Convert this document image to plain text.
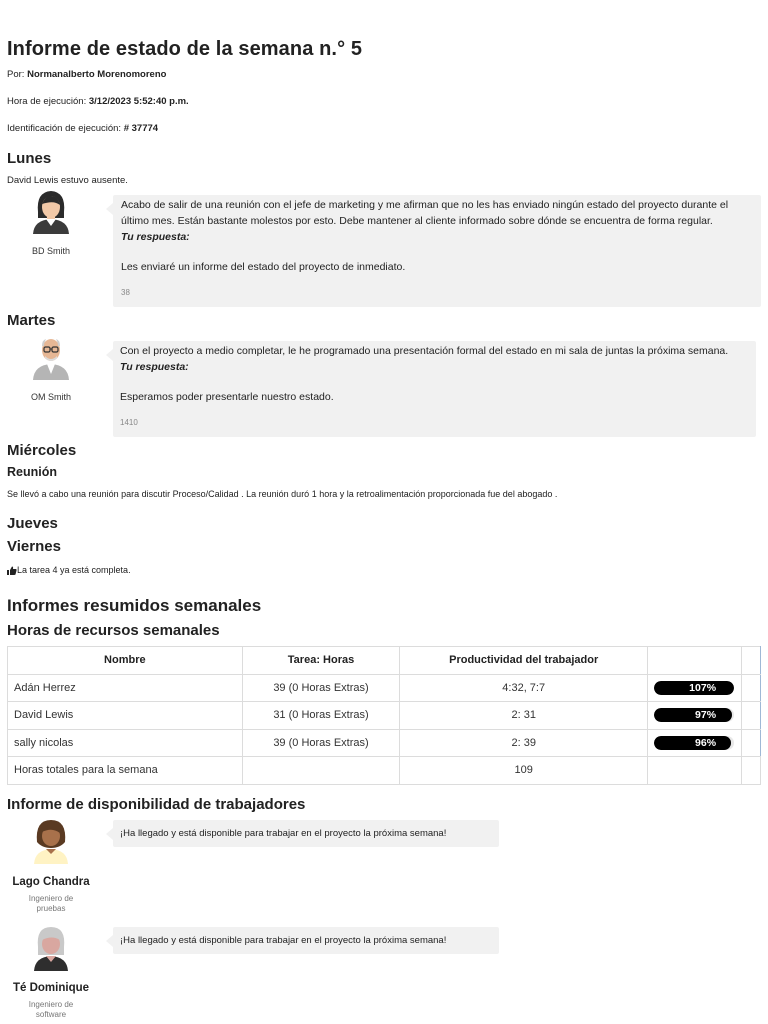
Informe de estado de la semana n.° 5
Por: Normanalberto Morenomoreno
Hora de ejecución: 3/12/2023 5:52:40 p.m.
Identificación de ejecución: # 37774
Lunes
David Lewis estuvo ausente.
BD Smith
Acabo de salir de una reunión con el jefe de marketing y me afirman que no les has enviado ningún estado del proyecto durante el
último mes. Están bastante molestos por esto. Debe mantener al cliente informado sobre dónde se encuentra de forma regular.
Tu respuesta:
Les enviaré un informe del estado del proyecto de inmediato.
38
Martes
OM Smith
Con el proyecto a medio completar, le he programado una presentación formal del estado en mi sala de juntas la próxima semana.
Tu respuesta:
Esperamos poder presentarle nuestro estado.
1410
Miércoles
Reunión
Se llevó a cabo una reunión para discutir Proceso/Calidad . La reunión duró 1 hora y la retroalimentación proporcionada fue del abogado .
Jueves
Viernes
La tarea 4 ya está completa.
Informes resumidos semanales
Horas de recursos semanales
Nombre	Tarea: Horas	Productividad del trabajador		
Adán Herrez	39 (0 Horas Extras)	4:32, 7:7	107%	

David Lewis	31 (0 Horas Extras)	2: 31	97%	

sally nicolas	39 (0 Horas Extras)	2: 39	96%	

Horas totales para la semana		109		
Informe de disponibilidad de trabajadores
Lago Chandra
Ingeniero de pruebas
¡Ha llegado y está disponible para trabajar en el proyecto la próxima semana!
Té Dominique
Ingeniero de software
¡Ha llegado y está disponible para trabajar en el proyecto la próxima semana!
